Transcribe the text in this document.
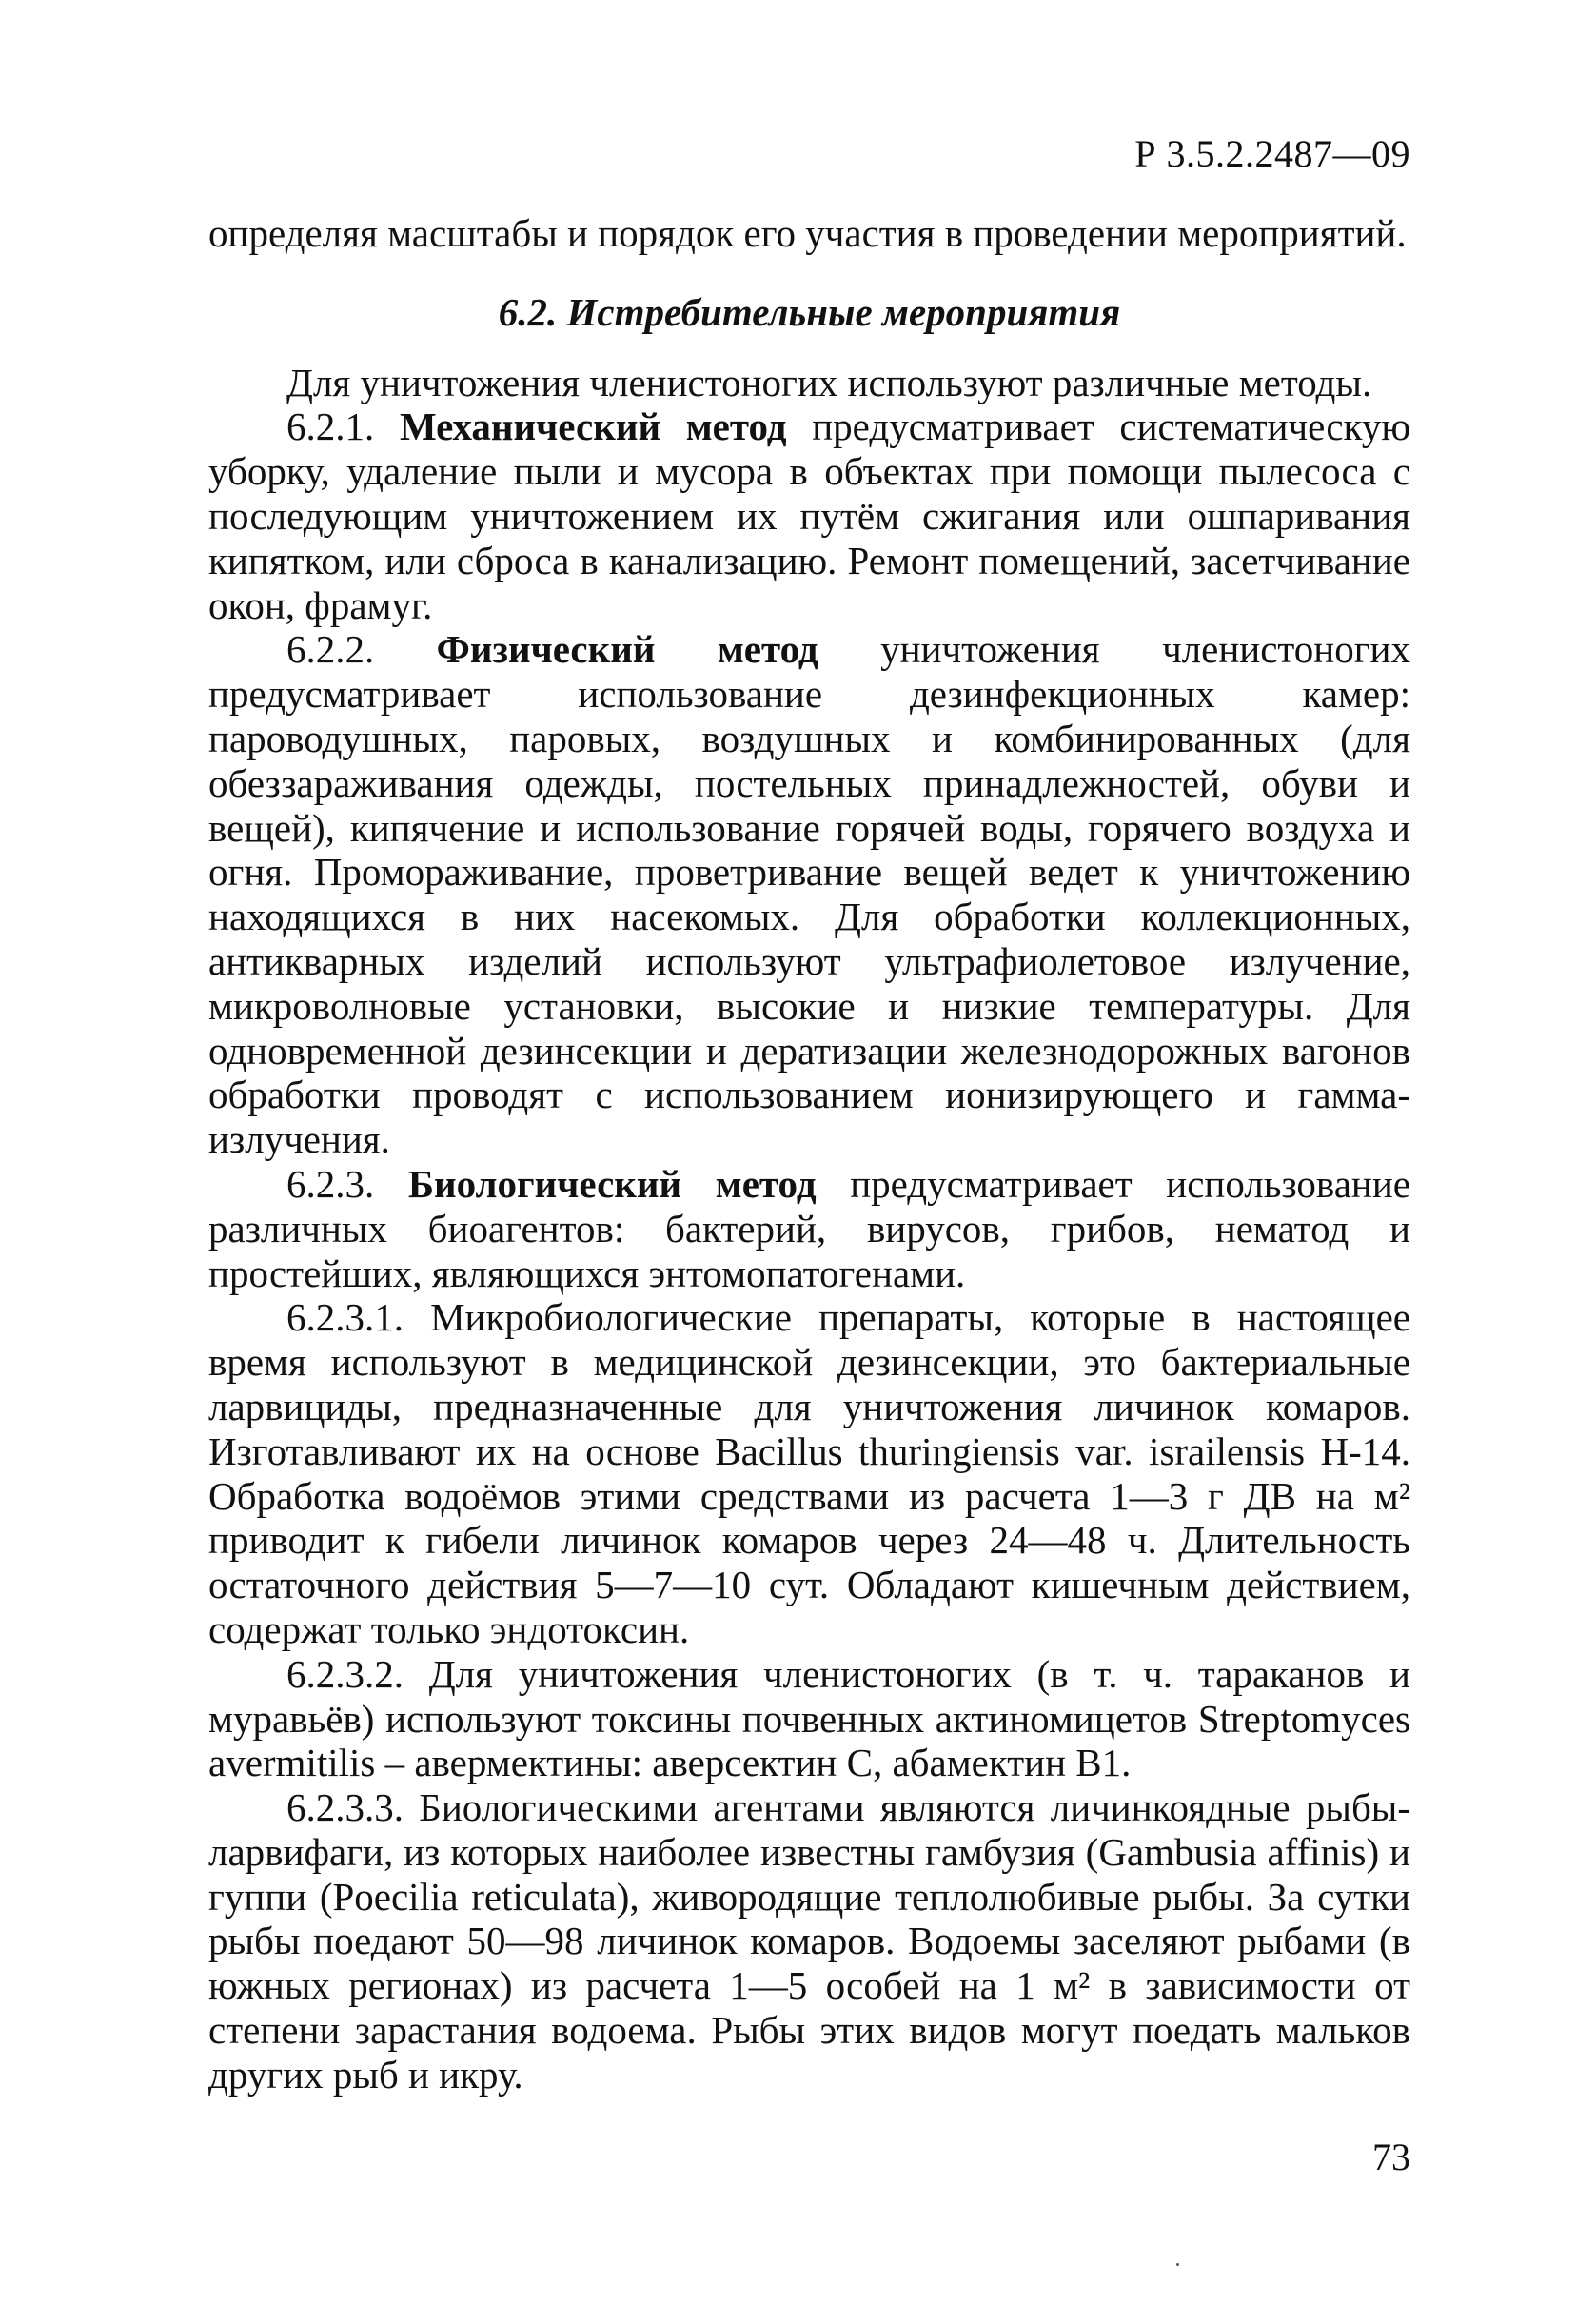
Р 3.5.2.2487—09

определяя масштабы и порядок его участия в проведении мероприятий.

6.2. Истребительные мероприятия

Для уничтожения членистоногих используют различные методы.

6.2.1. Механический метод предусматривает систематическую уборку, удаление пыли и мусора в объектах при помощи пылесоса с последующим уничтожением их путём сжигания или ошпаривания кипятком, или сброса в канализацию. Ремонт помещений, засетчивание окон, фрамуг.

6.2.2. Физический метод уничтожения членистоногих предусматривает использование дезинфекционных камер: пароводушных, паровых, воздушных и комбинированных (для обеззараживания одежды, постельных принадлежностей, обуви и вещей), кипячение и использование горячей воды, горячего воздуха и огня. Промораживание, проветривание вещей ведет к уничтожению находящихся в них насекомых. Для обработки коллекционных, антикварных изделий используют ультрафиолетовое излучение, микроволновые установки, высокие и низкие температуры. Для одновременной дезинсекции и дератизации железнодорожных вагонов обработки проводят с использованием ионизирующего и гамма-излучения.

6.2.3. Биологический метод предусматривает использование различных биоагентов: бактерий, вирусов, грибов, нематод и простейших, являющихся энтомопатогенами.

6.2.3.1. Микробиологические препараты, которые в настоящее время используют в медицинской дезинсекции, это бактериальные ларвициды, предназначенные для уничтожения личинок комаров. Изготавливают их на основе Bacillus thuringiensis var. israilensis Н-14. Обработка водоёмов этими средствами из расчета 1—3 г ДВ на м² приводит к гибели личинок комаров через 24—48 ч. Длительность остаточного действия 5—7—10 сут. Обладают кишечным действием, содержат только эндотоксин.

6.2.3.2. Для уничтожения членистоногих (в т. ч. тараканов и муравьёв) используют токсины почвенных актиномицетов Streptomyces avermitilis – авермектины: аверсектин С, абамектин В1.

6.2.3.3. Биологическими агентами являются личинкоядные рыбы-ларвифаги, из которых наиболее известны гамбузия (Gambusia affinis) и гуппи (Poecilia reticulata), живородящие теплолюбивые рыбы. За сутки рыбы поедают 50—98 личинок комаров. Водоемы заселяют рыбами (в южных регионах) из расчета 1—5 особей на 1 м² в зависимости от степени зарастания водоема. Рыбы этих видов могут поедать мальков других рыб и икру.

73
